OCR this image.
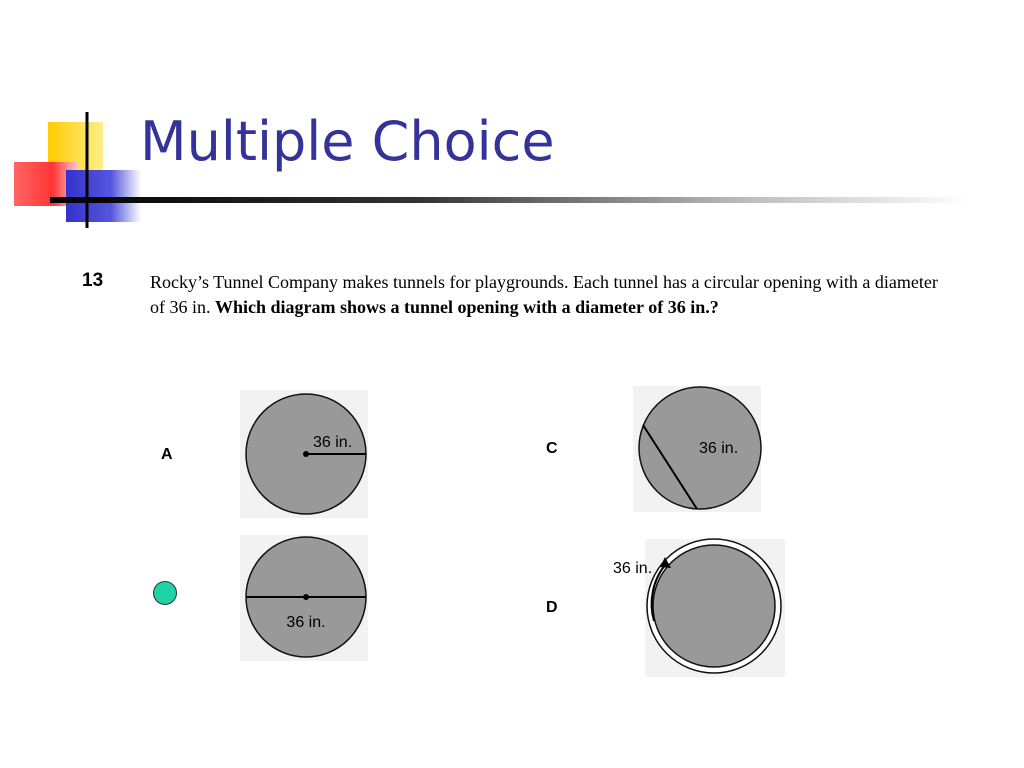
Multiple Choice
13	Rocky’s Tunnel Company makes tunnels for playgrounds. Each tunnel has a circular opening with a diameter of 36 in. Which diagram shows a tunnel opening with a diameter of 36 in.?

A
36 in.
36 in.
C	36 in.
D
36 in.
